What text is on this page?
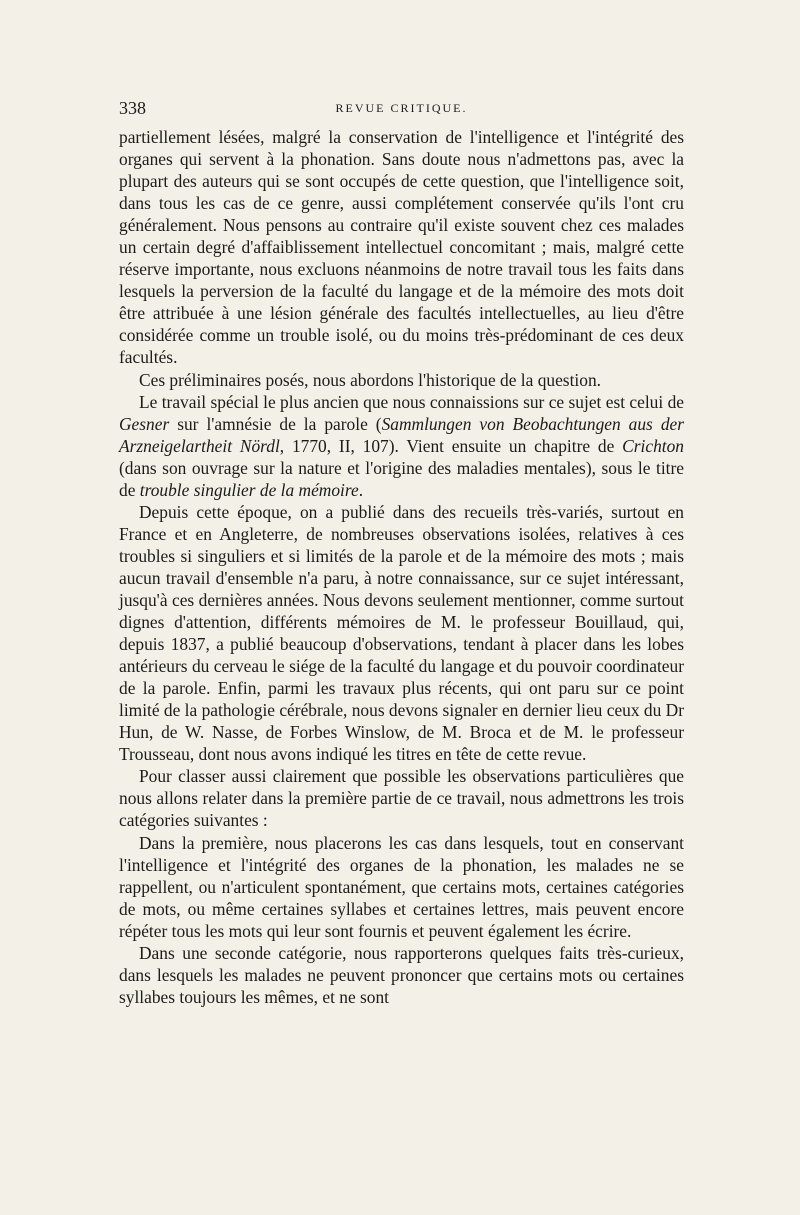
338	REVUE CRITIQUE.

partiellement lésées, malgré la conservation de l'intelligence et l'intégrité des organes qui servent à la phonation. Sans doute nous n'admettons pas, avec la plupart des auteurs qui se sont occupés de cette question, que l'intelligence soit, dans tous les cas de ce genre, aussi complétement conservée qu'ils l'ont cru généralement. Nous pensons au contraire qu'il existe souvent chez ces malades un certain degré d'affaiblissement intellectuel concomitant ; mais, malgré cette réserve importante, nous excluons néanmoins de notre travail tous les faits dans lesquels la perversion de la faculté du langage et de la mémoire des mots doit être attribuée à une lésion générale des facultés intellectuelles, au lieu d'être considérée comme un trouble isolé, ou du moins très-prédominant de ces deux facultés.

Ces préliminaires posés, nous abordons l'historique de la question.

Le travail spécial le plus ancien que nous connaissions sur ce sujet est celui de Gesner sur l'amnésie de la parole (Sammlungen von Beobachtungen aus der Arzneigelartheit Nördl, 1770, II, 107). Vient ensuite un chapitre de Crichton (dans son ouvrage sur la nature et l'origine des maladies mentales), sous le titre de trouble singulier de la mémoire.

Depuis cette époque, on a publié dans des recueils très-variés, surtout en France et en Angleterre, de nombreuses observations isolées, relatives à ces troubles si singuliers et si limités de la parole et de la mémoire des mots ; mais aucun travail d'ensemble n'a paru, à notre connaissance, sur ce sujet intéressant, jusqu'à ces dernières années. Nous devons seulement mentionner, comme surtout dignes d'attention, différents mémoires de M. le professeur Bouillaud, qui, depuis 1837, a publié beaucoup d'observations, tendant à placer dans les lobes antérieurs du cerveau le siége de la faculté du langage et du pouvoir coordinateur de la parole. Enfin, parmi les travaux plus récents, qui ont paru sur ce point limité de la pathologie cérébrale, nous devons signaler en dernier lieu ceux du Dr Hun, de W. Nasse, de Forbes Winslow, de M. Broca et de M. le professeur Trousseau, dont nous avons indiqué les titres en tête de cette revue.

Pour classer aussi clairement que possible les observations particulières que nous allons relater dans la première partie de ce travail, nous admettrons les trois catégories suivantes :

Dans la première, nous placerons les cas dans lesquels, tout en conservant l'intelligence et l'intégrité des organes de la phonation, les malades ne se rappellent, ou n'articulent spontanément, que certains mots, certaines catégories de mots, ou même certaines syllabes et certaines lettres, mais peuvent encore répéter tous les mots qui leur sont fournis et peuvent également les écrire.

Dans une seconde catégorie, nous rapporterons quelques faits très-curieux, dans lesquels les malades ne peuvent prononcer que certains mots ou certaines syllabes toujours les mêmes, et ne sont
